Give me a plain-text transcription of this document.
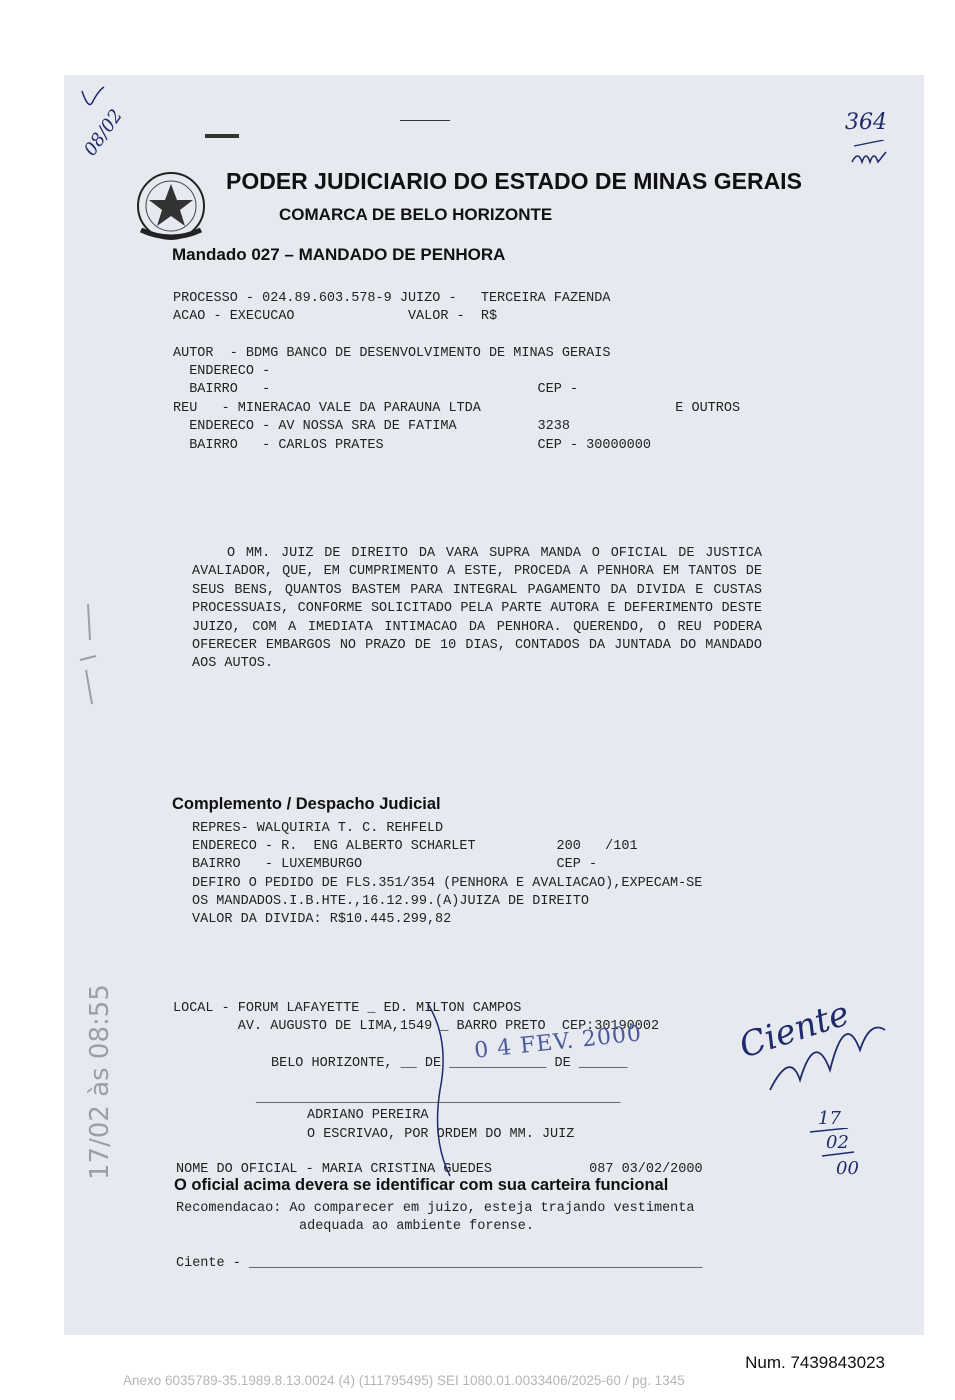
PODER JUDICIARIO DO ESTADO DE MINAS GERAIS
COMARCA DE BELO HORIZONTE
Mandado 027 – MANDADO DE PENHORA
PROCESSO - 024.89.603.578-9 JUIZO -   TERCEIRA FAZENDA
ACAO - EXECUCAO              VALOR -  R$
AUTOR  - BDMG BANCO DE DESENVOLVIMENTO DE MINAS GERAIS
ENDERECO -
BAIRRO   -                                 CEP -
REU   - MINERACAO VALE DA PARAUNA LTDA                        E OUTROS
ENDERECO - AV NOSSA SRA DE FATIMA          3238
BAIRRO   - CARLOS PRATES                   CEP - 30000000
O MM. JUIZ DE DIREITO DA VARA SUPRA MANDA O OFICIAL DE JUSTICA AVALIADOR, QUE, EM CUMPRIMENTO A ESTE, PROCEDA A PENHORA EM TANTOS DE SEUS BENS, QUANTOS BASTEM PARA INTEGRAL PAGAMENTO DA DIVIDA E CUSTAS PROCESSUAIS, CONFORME SOLICITADO PELA PARTE AUTORA E DEFERIMENTO DESTE JUIZO, COM A IMEDIATA INTIMACAO DA PENHORA. QUERENDO, O REU PODERA OFERECER EMBARGOS NO PRAZO DE 10 DIAS, CONTADOS DA JUNTADA DO MANDADO AOS AUTOS.
Complemento / Despacho Judicial
REPRES- WALQUIRIA T. C. REHFELD
ENDERECO - R.  ENG ALBERTO SCHARLET          200   /101
BAIRRO   - LUXEMBURGO                        CEP -
DEFIRO O PEDIDO DE FLS.351/354 (PENHORA E AVALIACAO),EXPECAM-SE
OS MANDADOS.I.B.HTE.,16.12.99.(A)JUIZA DE DIREITO
VALOR DA DIVIDA: R$10.445.299,82
LOCAL - FORUM LAFAYETTE _ ED. MILTON CAMPOS
AV. AUGUSTO DE LIMA,1549 _ BARRO PRETO  CEP:30190002
BELO HORIZONTE, __ DE ____________ DE ______
_____________________________________________
ADRIANO PEREIRA
O ESCRIVAO, POR ORDEM DO MM. JUIZ
NOME DO OFICIAL - MARIA CRISTINA GUEDES            087 03/02/2000
O oficial acima devera se identificar com sua carteira funcional
Recomendacao: Ao comparecer em juizo, esteja trajando vestimenta
adequada ao ambiente forense.
Ciente - ________________________________________________________
364
08/02
0 4 FEV. 2000	Ciente
17
02
00
17/02 às 08:55
Num. 7439843023
Anexo 6035789-35.1989.8.13.0024 (4) (111795495) SEI 1080.01.0033406/2025-60 / pg. 1345
